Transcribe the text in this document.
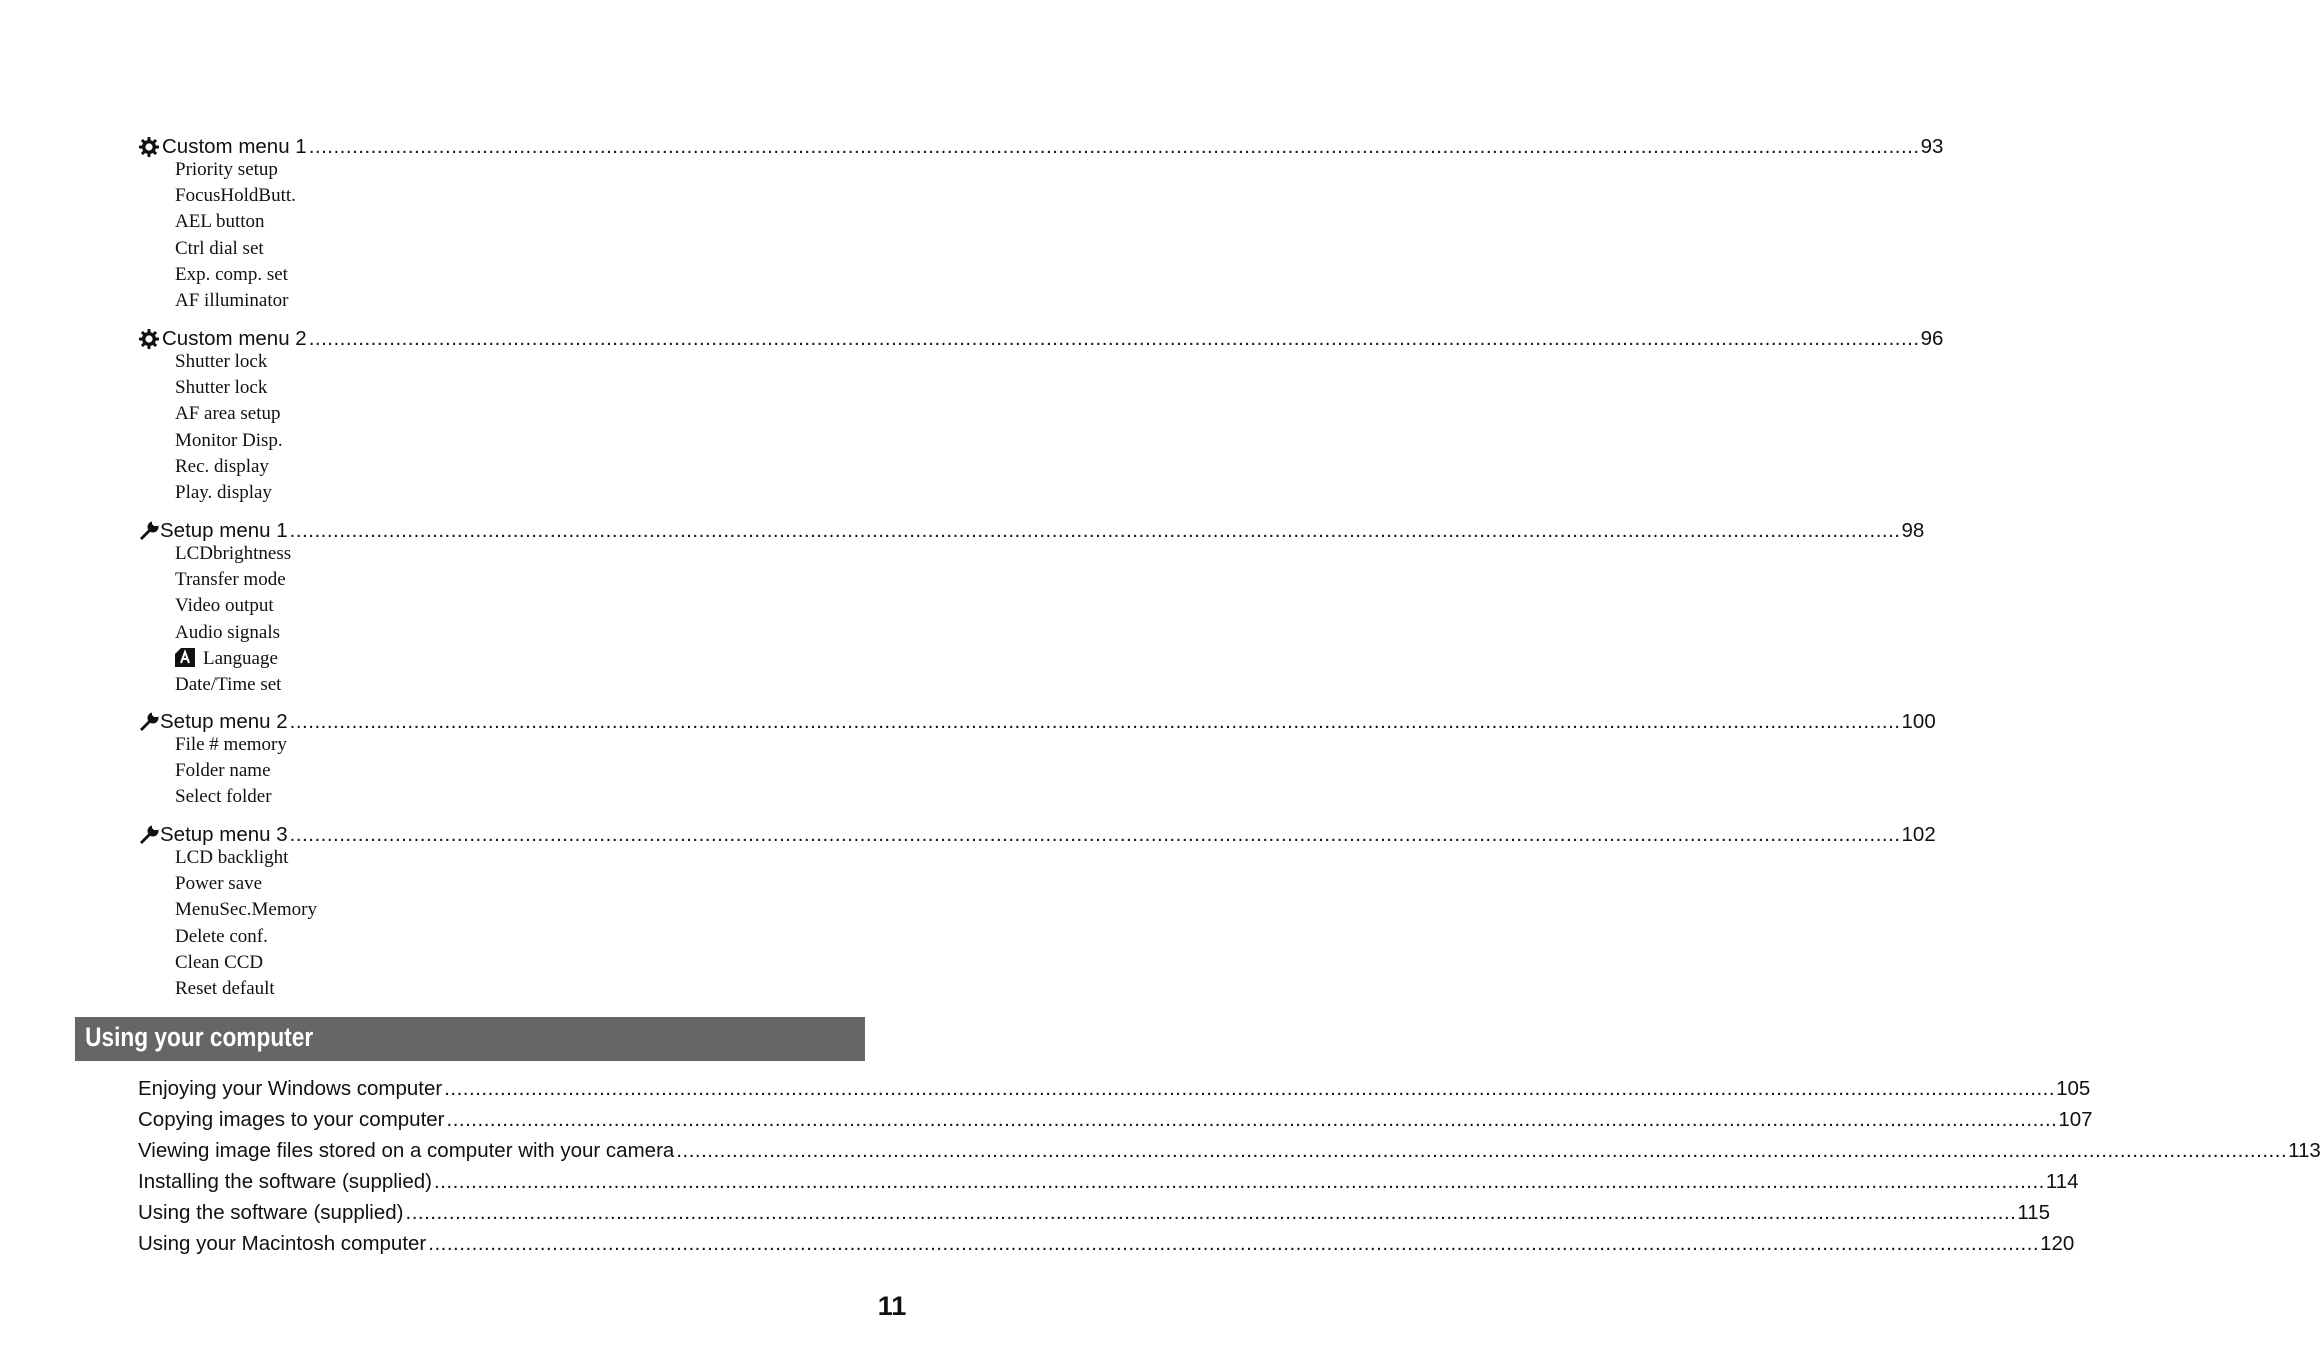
Custom menu 1 .................................................................................................................................................................................................................................................................... 93
Priority setup
FocusHoldButt.
AEL button
Ctrl dial set
Exp. comp. set
AF illuminator
Custom menu 2 .................................................................................................................................................................................................................................................................... 96
Shutter lock
Shutter lock
AF area setup
Monitor Disp.
Rec. display
Play. display
Setup menu 1 .................................................................................................................................................................................................................................................................... 98
LCDbrightness
Transfer mode
Video output
Audio signals
Language
Date/Time set
Setup menu 2 .................................................................................................................................................................................................................................................................... 100
File # memory
Folder name
Select folder
Setup menu 3 .................................................................................................................................................................................................................................................................... 102
LCD backlight
Power save
MenuSec.Memory
Delete conf.
Clean CCD
Reset default
Using your computer
Enjoying your Windows computer .................................................................................................................................................................................................................................................................... 105
Copying images to your computer .................................................................................................................................................................................................................................................................... 107
Viewing image files stored on a computer with your camera .................................................................................................................................................................................................................................................................... 113
Installing the software (supplied) .................................................................................................................................................................................................................................................................... 114
Using the software (supplied) .................................................................................................................................................................................................................................................................... 115
Using your Macintosh computer .................................................................................................................................................................................................................................................................... 120
11
